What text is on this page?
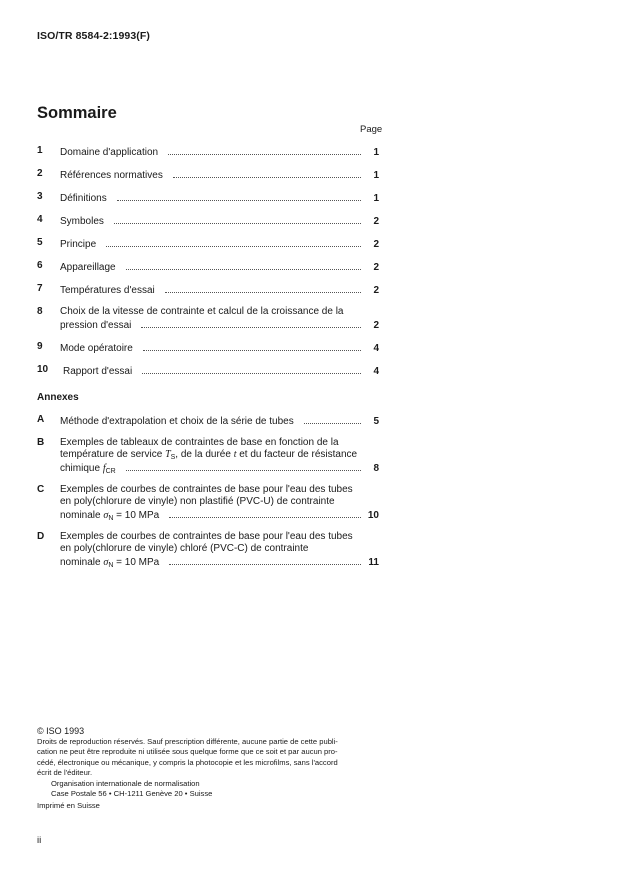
ISO/TR 8584-2:1993(F)
Sommaire
Page
1 Domaine d'application	1
2 Références normatives	1
3 Définitions	1
4 Symboles	2
5 Principe	2
6 Appareillage	2
7 Températures d'essai	2
8 Choix de la vitesse de contrainte et calcul de la croissance de la
pression d'essai	2
9 Mode opératoire	4
10 Rapport d'essai	4
Annexes
A Méthode d'extrapolation et choix de la série de tubes	5
B Exemples de tableaux de contraintes de base en fonction de la
température de service $T_S$, de la durée t et du facteur de résistance
chimique $f_{CR}$	8
C Exemples de courbes de contraintes de base pour l'eau des tubes
en poly(chlorure de vinyle) non plastifié (PVC-U) de contrainte
nominale $\sigma_N = 10$ MPa	10
D Exemples de courbes de contraintes de base pour l'eau des tubes
en poly(chlorure de vinyle) chloré (PVC-C) de contrainte
nominale $\sigma_N = 10$ MPa	11
© ISO 1993
Droits de reproduction réservés. Sauf prescription différente, aucune partie de cette publi-
cation ne peut être reproduite ni utilisée sous quelque forme que ce soit et par aucun pro-
cédé, électronique ou mécanique, y compris la photocopie et les microfilms, sans l'accord
écrit de l'éditeur.
Organisation internationale de normalisation
Case Postale 56 • CH-1211 Genève 20 • Suisse
Imprimé en Suisse
ii
